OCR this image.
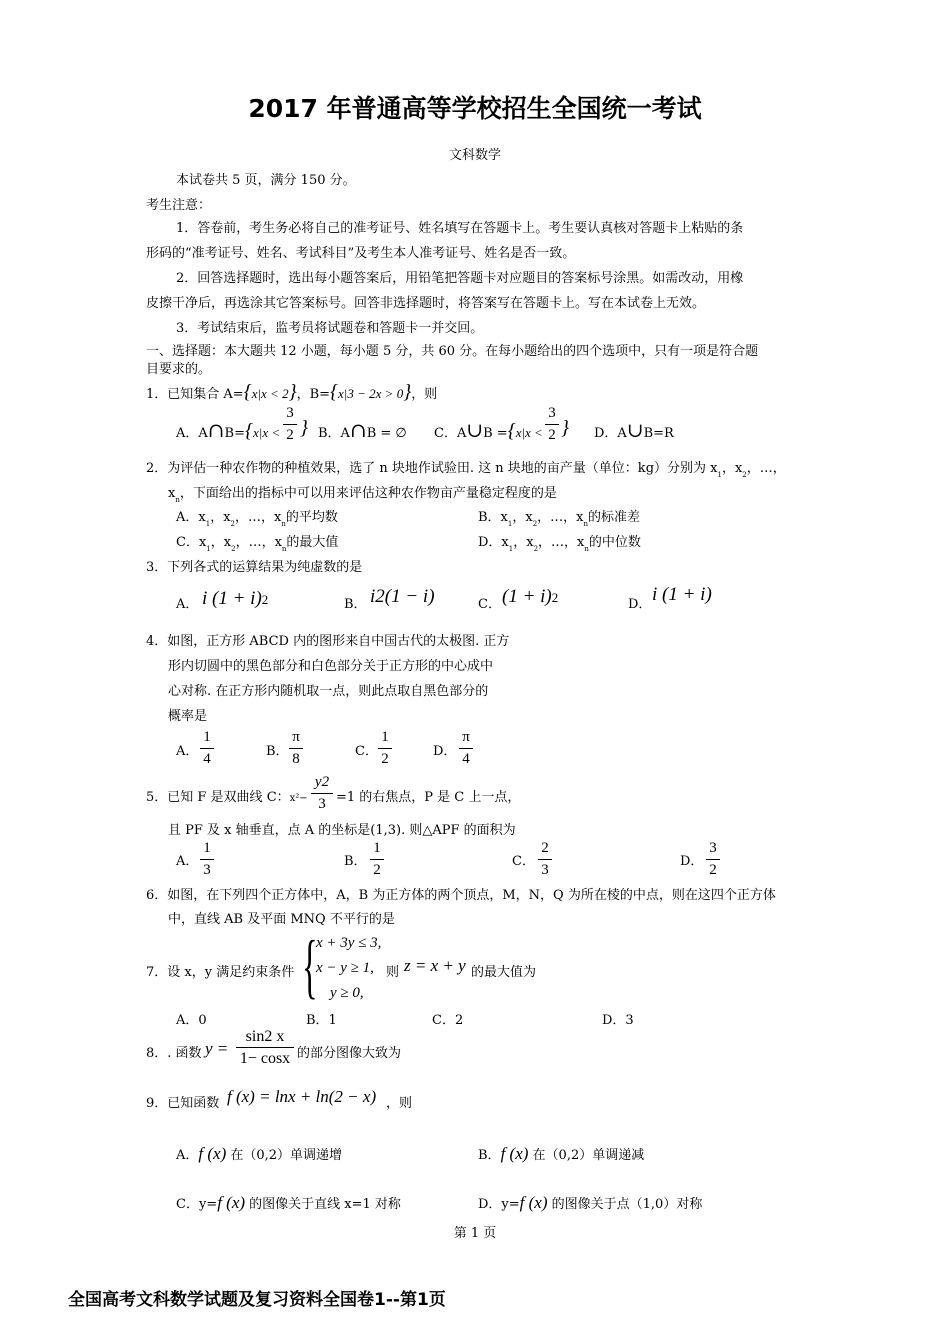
2017 年普通高等学校招生全国统一考试
文科数学
本试卷共 5 页，满分 150 分。
考生注意：
1．答卷前，考生务必将自己的准考证号、姓名填写在答题卡上。考生要认真核对答题卡上粘贴的条
形码的“准考证号、姓名、考试科目”及考生本人准考证号、姓名是否一致。
2．回答选择题时，选出每小题答案后，用铅笔把答题卡对应题目的答案标号涂黑。如需改动，用橡
皮擦干净后，再选涂其它答案标号。回答非选择题时，将答案写在答题卡上。写在本试卷上无效。
3．考试结束后，监考员将试题卷和答题卡一并交回。
一、选择题：本大题共 12 小题，每小题 5 分，共 60 分。在每小题给出的四个选项中，只有一项是符合题
目要求的。
1．已知集合 A={x|x < 2}，B={x|3 − 2x > 0}，则
A．A∩B={x|x <
3
2 } B．A∩B = ∅ C．A∪B ={x|x <
3
2 } D．A∪B=R
2．为评估一种农作物的种植效果，选了 n 块地作试验田. 这 n 块地的亩产量（单位：kg）分别为 $x_1$，$x_2$，…，
$x_n$，下面给出的指标中可以用来评估这种农作物亩产量稳定程度的是
A．$x_1$，$x_2$，…，$x_n$的平均数	B．$x_1$，$x_2$，…，$x_n$的标准差
C．$x_1$，$x_2$，…，$x_n$的最大值	D．$x_1$，$x_2$，…，$x_n$的中位数
3．下列各式的运算结果为纯虚数的是
A． i (1 + i)2	B． i2(1 − i)	C． (1 + i)2	D． i (1 + i)
4．如图，正方形 ABCD 内的图形来自中国古代的太极图. 正方
形内切圆中的黑色部分和白色部分关于正方形的中心成中
心对称. 在正方形内随机取一点，则此点取自黑色部分的
概率是
A．
1
4	B．
π
8	C．
1
2	D．
π
4
5．已知 F 是双曲线 C：x²−
y2
3 =1 的右焦点，P 是 C 上一点，
且 PF 及 x 轴垂直，点 A 的坐标是(1,3). 则△APF 的面积为
A．
1
3
B．
1
2
C．
2
3
D．
3
2
6．如图，在下列四个正方体中，A，B 为正方体的两个顶点，M，N，Q 为所在棱的中点，则在这四个正方体
中，直线 AB 及平面 MNQ 不平行的是
7．设 x，y 满足约束条件 {
x + 3y ≤ 3,
x − y ≥ 1,
y ≥ 0,
则 z = x + y 的最大值为
A．0	B．1	C．2	D．3
8．. 函数 y =
sin2 x
1− cosx 的部分图像大致为
9．已知函数 f (x) = lnx + ln(2 − x) ，则
A．f (x) 在（0,2）单调递增	B．f (x) 在（0,2）单调递减
C．y=f (x) 的图像关于直线 x=1 对称	D．y=f (x) 的图像关于点（1,0）对称
第 1 页
全国高考文科数学试题及复习资料全国卷1--第1页
